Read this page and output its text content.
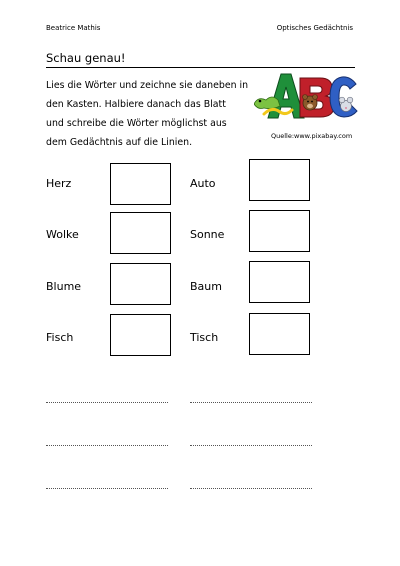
Beatrice Mathis	Optisches Gedächtnis
Schau genau!
Lies die Wörter und zeichne sie daneben in
den Kasten. Halbiere danach das Blatt
und schreibe die Wörter möglichst aus
dem Gedächtnis auf die Linien.
Quelle:www.pixabay.com
Herz
Wolke
Blume
Fisch
Auto
Sonne
Baum
Tisch
